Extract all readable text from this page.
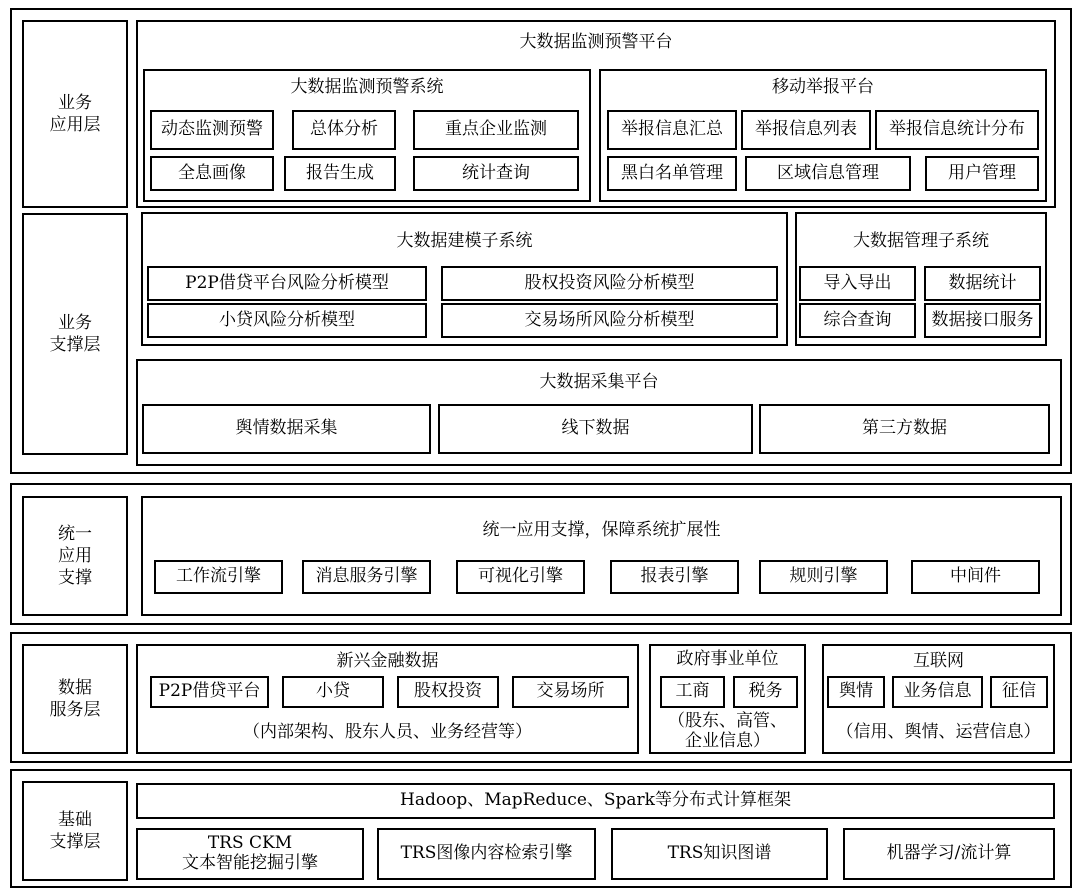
业务
应用层
业务
支撑层
大数据监测预警平台
大数据监测预警系统
动态监测预警	总体分析	重点企业监测
全息画像	报告生成	统计查询
移动举报平台
举报信息汇总	举报信息列表	举报信息统计分布
黑白名单管理	区域信息管理	用户管理
大数据建模子系统
P2P借贷平台风险分析模型	股权投资风险分析模型
小贷风险分析模型	交易场所风险分析模型
大数据管理子系统
导入导出	数据统计
综合查询	数据接口服务
大数据采集平台
舆情数据采集	线下数据	第三方数据
统一
应用
支撑
统一应用支撑，保障系统扩展性
工作流引擎	消息服务引擎	可视化引擎	报表引擎	规则引擎	中间件
数据
服务层
新兴金融数据
P2P借贷平台	小贷	股权投资	交易场所
（内部架构、股东人员、业务经营等）
政府事业单位
工商	税务
（股东、高管、
企业信息）
互联网
舆情	业务信息	征信
（信用、舆情、运营信息）
基础
支撑层
Hadoop、MapReduce、Spark等分布式计算框架
TRS CKM
文本智能挖掘引擎	TRS图像内容检索引擎	TRS知识图谱	机器学习/流计算
